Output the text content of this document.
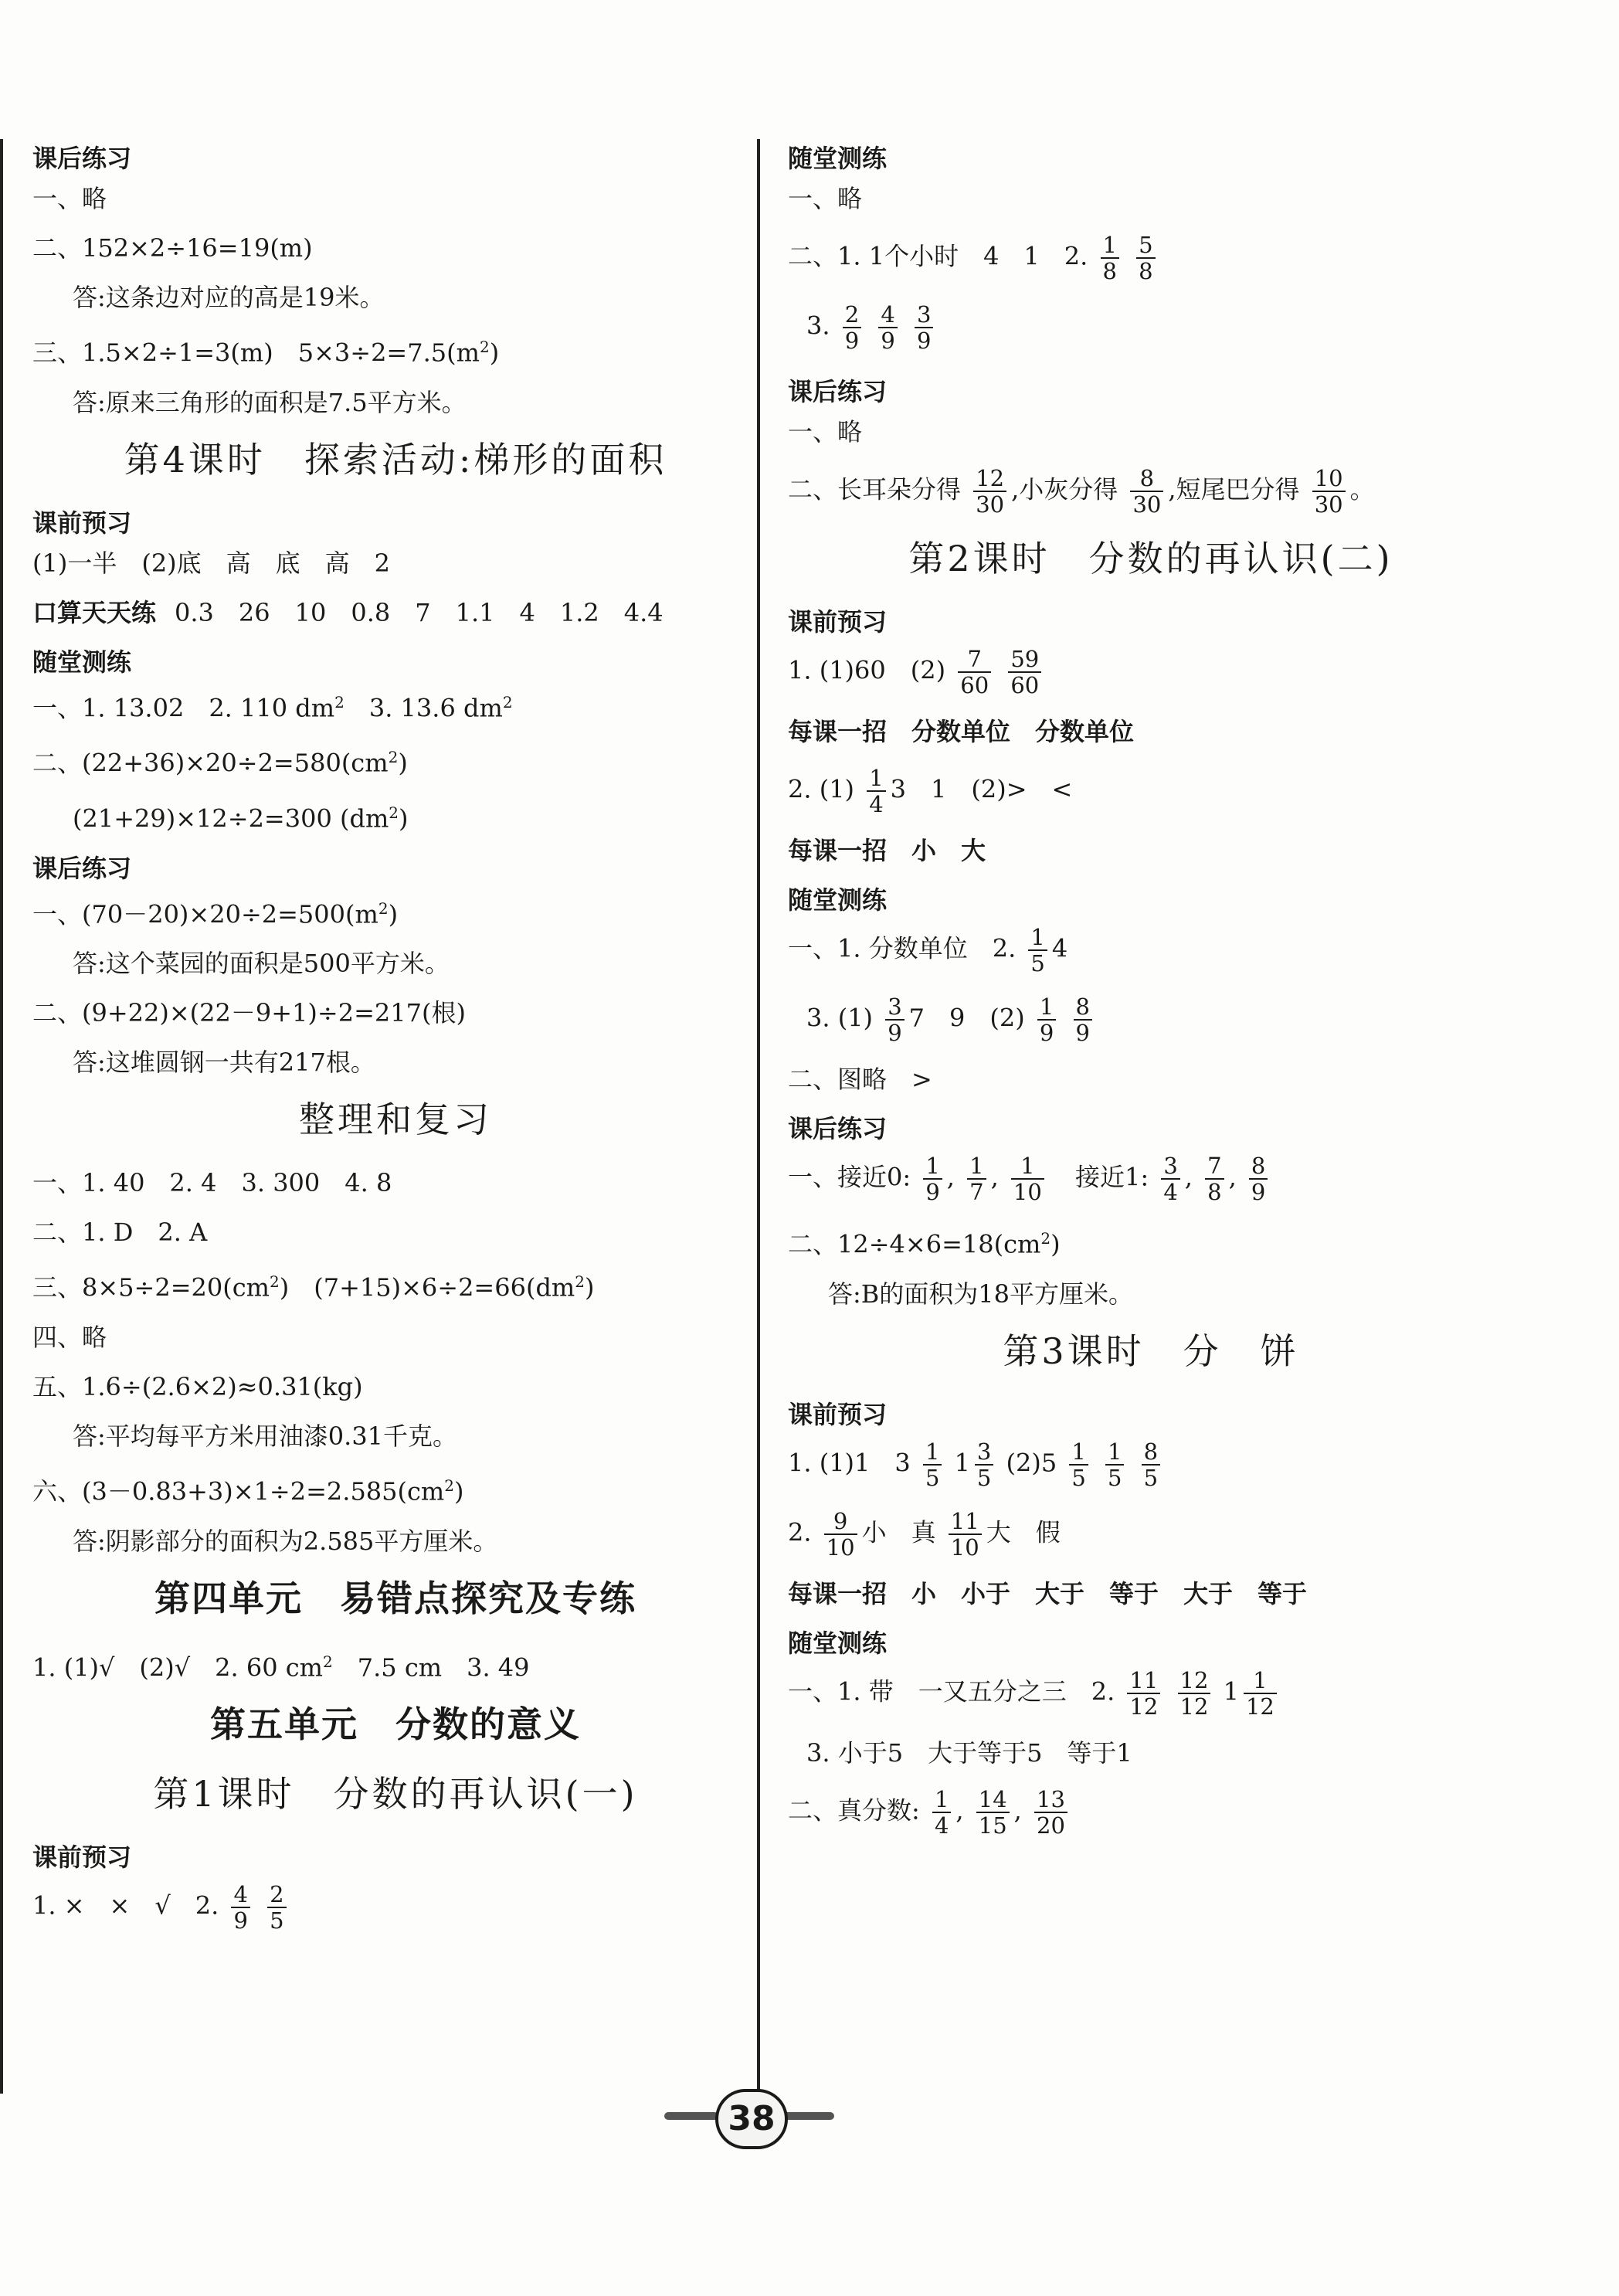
课后练习
一、略
二、152×2÷16=19(m)
答:这条边对应的高是19米。
三、1.5×2÷1=3(m)　$5\times 3\div 2=7.5(m^2)$
答:原来三角形的面积是7.5平方米。
第4课时　探索活动:梯形的面积
课前预习
(1)一半　(2)底　高　底　高　2
口算天天练 0.3　26　10　0.8　7　1.1　4　1.2　4.4
随堂测练
一、1. 13.02　2. 110 $dm^2$　3. 13.6 $dm^2$
二、$(22+36)\times 20\div 2=580(cm^2)$
(21+29)×12÷2=300 $(dm^2)$
课后练习
一、$(70-20)\times 20\div 2=500(m^2)$
答:这个菜园的面积是500平方米。
二、(9+22)×(22－9+1)÷2=217(根)
答:这堆圆钢一共有217根。
整理和复习
一、1. 40　2. 4　3. 300　4. 8
二、1. D　2. A
三、$8\times 5\div 2=20(cm^2)$　$(7+15)\times 6\div 2=66(dm^2)$
四、略
五、1.6÷(2.6×2)≈0.31(kg)
答:平均每平方米用油漆0.31千克。
六、$(3-0.83+3)\times 1\div 2=2.585(cm^2)$
答:阴影部分的面积为2.585平方厘米。
第四单元　易错点探究及专练
1. (1)√　(2)√　2. 60 $cm^2$　7.5 cm　3. 49
第五单元　分数的意义
第1课时　分数的再认识(一)
课前预习
1. ×　×　√　2. $\frac{4}{9}$
$\frac{2}{5}$
随堂测练
一、略
二、1. 1个小时　4　1　2. $\frac{1}{8}$
$\frac{5}{8}$
3. $\frac{2}{9}$
$\frac{4}{9}$
$\frac{3}{9}$
课后练习
一、略
二、长耳朵分得 $\frac{12}{30}$ ,小灰分得 $\frac{8}{30}$ ,短尾巴分得 $\frac{10}{30}$ 。
第2课时　分数的再认识(二)
课前预习
1. (1)60　$(2) \frac{7}{60}$
$\frac{59}{60}$
每课一招　分数单位　分数单位
2. $(1) \frac{1}{4} 3$　1　(2)>　<
每课一招　小　大
随堂测练
一、1. 分数单位　2. $\frac{1}{5} 4$
3. $(1) \frac{3}{9} 7$　9　$(2) \frac{1}{9}$
$\frac{8}{9}$
二、图略　>
课后练习
一、接近0: $\frac{1}{9}$ , $\frac{1}{7}$ , $\frac{1}{10}$ 接近1: $\frac{3}{4}$ , $\frac{7}{8}$ , $\frac{8}{9}$
二、$12\div 4\times 6=18(cm^2)$
答:B的面积为18平方厘米。
第3课时　分　饼
课前预习
1. (1)1　$3 \frac{1}{5} 1 \frac{3}{5} (2)5 \frac{1}{5}$
$\frac{1}{5}$
$\frac{8}{5}$
2. $\frac{9}{10}$ 小　真 $\frac{11}{10}$ 大　假
每课一招　小　小于　大于　等于　大于　等于
随堂测练
一、1. 带　一又五分之三　2. $\frac{11}{12}$
$\frac{12}{12} 1 \frac{1}{12}$
3. 小于5　大于等于5　等于1
二、真分数: $\frac{1}{4}$ , $\frac{14}{15}$ , $\frac{13}{20}$
38
